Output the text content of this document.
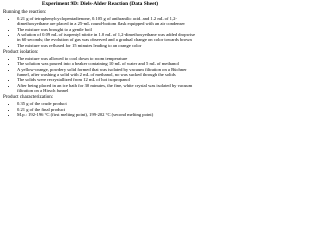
Experiment 9D: Diels-Alder Reaction (Data Sheet)
Running the reaction:
• 0.21 g of tetraphenylcyclopentadienone, 0.105 g of anthranilic acid. and 1.2 mL of 1,2-dimethoxyethane are placed in a 25-mL round-bottom flask equipped with an air condenser
• The mixture was brought to a gentle boil
• A solution of 0.09 mL of isopentyl nitrite in 1.0 mL of 1,2-dimethoxyethane was added dropwise in 60 seconds; the evolution of gas was observed and a gradual change on color towards brown
• The mixture was refluxed for 15 minutes leading to an orange color
Product isolation:
• The mixture was allowed to cool down to room temperature
• The solution was poured into a beaker containing 10 mL of water and 5 mL of methanol
• A yellow-orange, powdery solid formed that was isolated by vacuum filtration on a Büchner funnel, after washing a solid with 2 mL of methanol, no was sucked through the solids
• The solids were recrystallized from 12 mL of hot isopropanol
• After being placed in an ice bath for 30 minutes, the fine, white crystal was isolated by vacuum filtration on a Hirsch funnel
Product characterization:
• 0.35 g of the crude product
• 0.21 g of the final product
• M.p.: 192-196 °C (first melting point), 199-202 °C (second melting point)
